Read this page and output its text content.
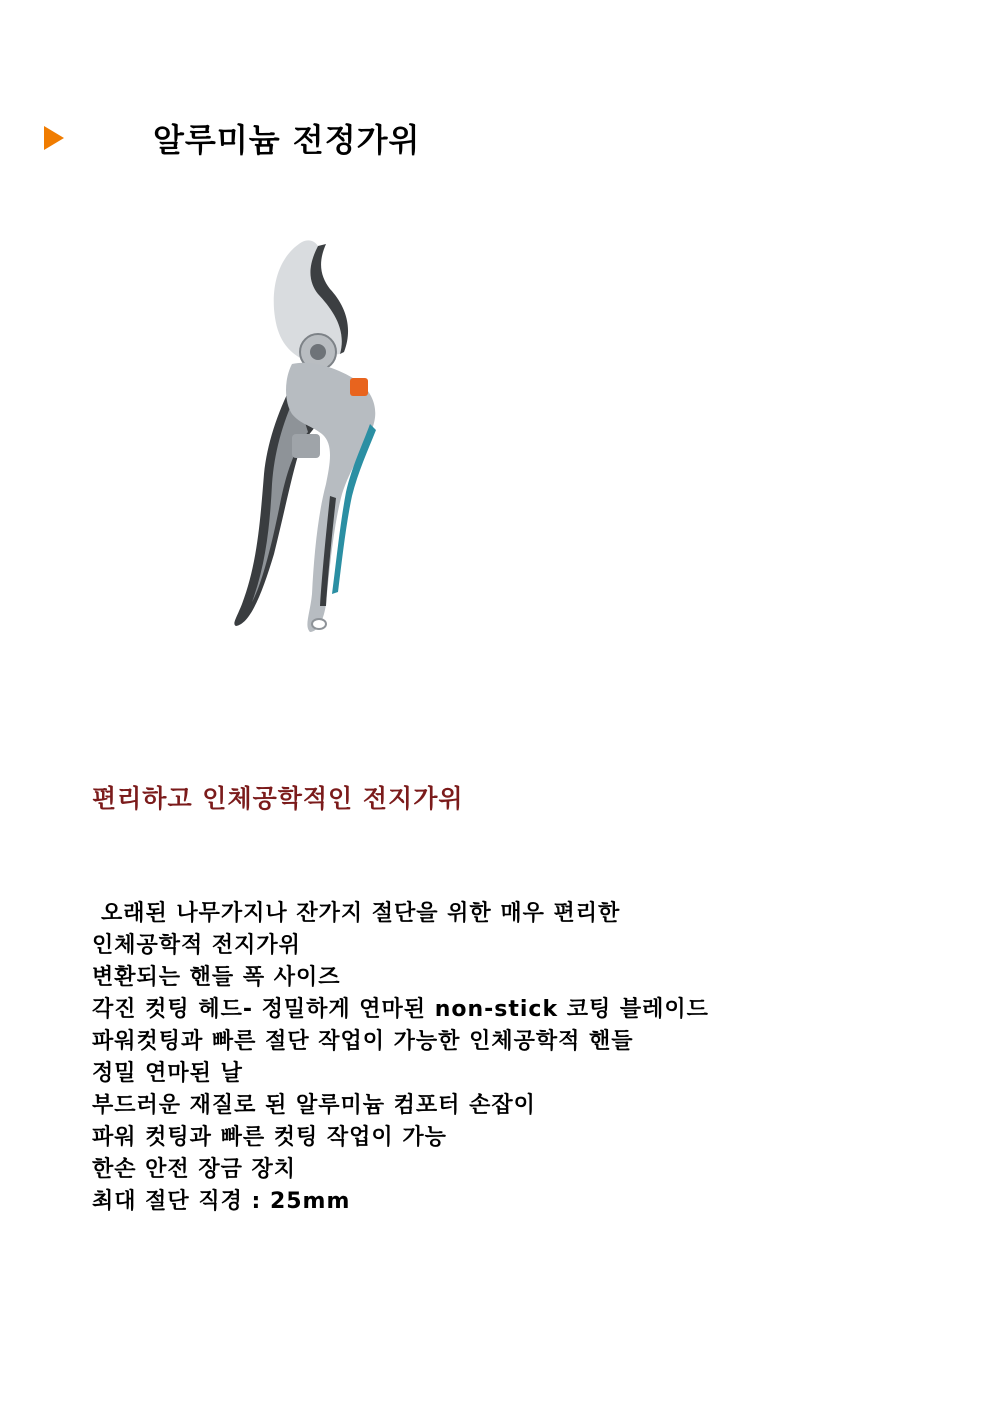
알루미늄 전정가위
편리하고 인체공학적인 전지가위
오래된 나무가지나 잔가지 절단을 위한 매우 편리한
인체공학적 전지가위
변환되는 핸들 폭 사이즈
각진 컷팅 헤드- 정밀하게 연마된 non-stick 코팅 블레이드
파워컷팅과 빠른 절단 작업이 가능한 인체공학적 핸들
정밀 연마된 날
부드러운 재질로 된 알루미늄 컴포터 손잡이
파워 컷팅과 빠른 컷팅 작업이 가능
한손 안전 장금 장치
최대 절단 직경 : 25mm
